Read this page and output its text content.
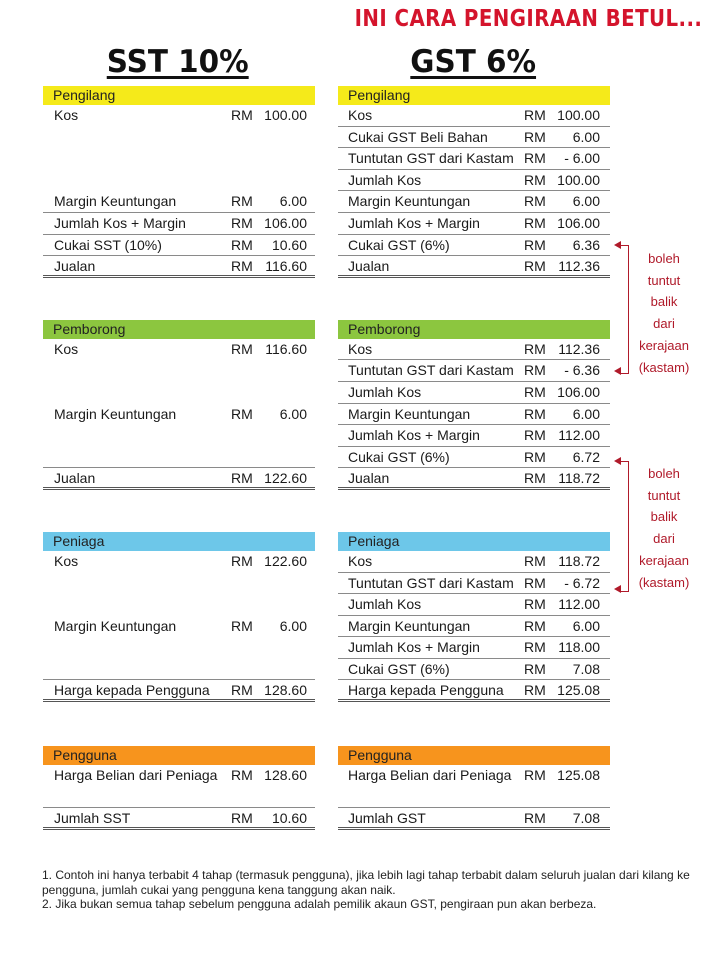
INI CARA PENGIRAAN BETUL...
SST 10%	GST 6%
Pengilang
Kos	RM 100.00
Margin Keuntungan	RM 6.00
Jumlah Kos + Margin	RM 106.00
Cukai SST (10%)	RM 10.60
Jualan	RM 116.60
Pemborong
Kos	RM 116.60
Margin Keuntungan	RM 6.00
Jualan	RM 122.60
Peniaga
Kos	RM 122.60
Margin Keuntungan	RM 6.00
Harga kepada Pengguna RM 128.60
Pengguna
Harga Belian dari Peniaga RM 128.60
Jumlah SST	RM 10.60
Pengilang
Kos	RM 100.00
Cukai GST Beli Bahan	RM 6.00
Tuntutan GST dari Kastam RM - 6.00
Jumlah Kos	RM 100.00
Margin Keuntungan	RM 6.00
Jumlah Kos + Margin	RM 106.00
Cukai GST (6%)	RM 6.36
Jualan	RM 112.36
Pemborong
Kos	RM 112.36
Tuntutan GST dari Kastam RM - 6.36
Jumlah Kos	RM 106.00
Margin Keuntungan	RM 6.00
Jumlah Kos + Margin	RM 112.00
Cukai GST (6%)	RM 6.72
Jualan	RM 118.72
Peniaga
Kos	RM 118.72
Tuntutan GST dari Kastam RM - 6.72
Jumlah Kos	RM 112.00
Margin Keuntungan	RM 6.00
Jumlah Kos + Margin	RM 118.00
Cukai GST (6%)	RM 7.08
Harga kepada Pengguna RM 125.08
Pengguna
Harga Belian dari Peniaga RM 125.08
Jumlah GST	RM 7.08
boleh
tuntut
balik
dari
kerajaan
(kastam)
boleh
tuntut
balik
dari
kerajaan
(kastam)

1. Contoh ini hanya terbabit 4 tahap (termasuk pengguna), jika lebih lagi tahap terbabit dalam seluruh jualan dari kilang ke pengguna, jumlah cukai yang pengguna kena tanggung akan naik.

2. Jika bukan semua tahap sebelum pengguna adalah pemilik akaun GST, pengiraan pun akan berbeza.
